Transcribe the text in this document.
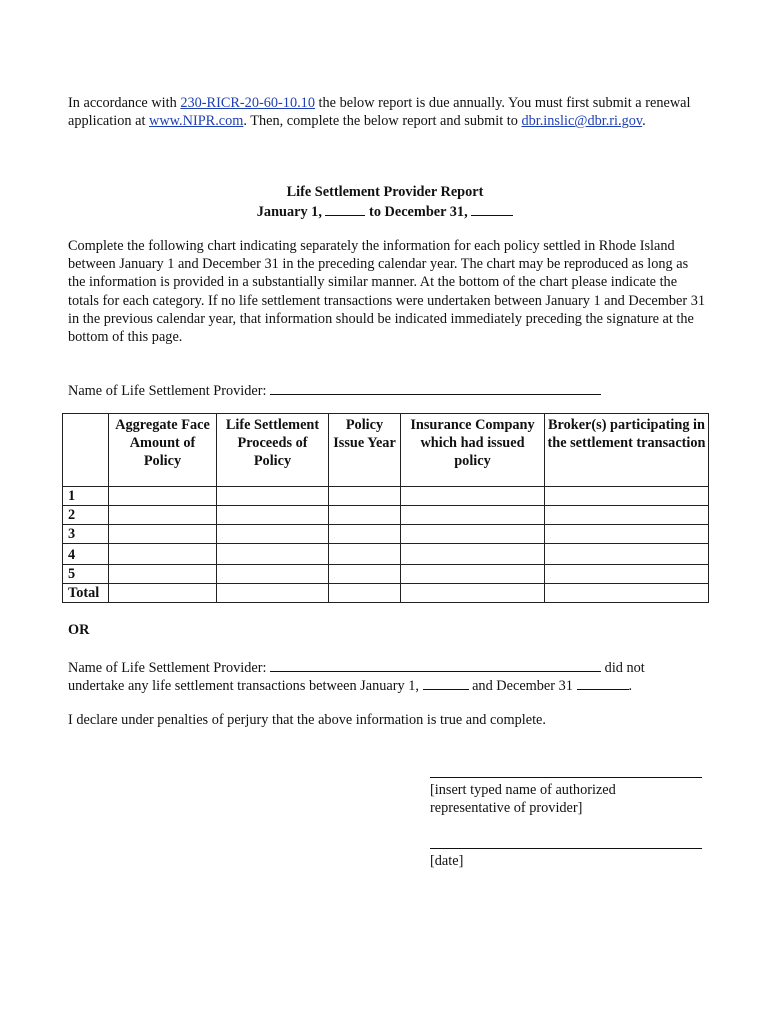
In accordance with 230-RICR-20-60-10.10 the below report is due annually. You must first submit a renewal application at www.NIPR.com. Then, complete the below report and submit to dbr.inslic@dbr.ri.gov.

Life Settlement Provider Report
January 1,	to December 31,

Complete the following chart indicating separately the information for each policy settled in Rhode Island between January 1 and December 31 in the preceding calendar year. The chart may be reproduced as long as the information is provided in a substantially similar manner. At the bottom of the chart please indicate the totals for each category. If no life settlement transactions were undertaken between January 1 and December 31 in the previous calendar year, that information should be indicated immediately preceding the signature at the bottom of this page.

Name of Life Settlement Provider:
	Aggregate Face Amount of Policy	Life Settlement Proceeds of Policy	Policy Issue Year	Insurance Company which had issued policy	Broker(s) participating in the settlement transaction
1					
2					
3					
4					
5					
Total					
OR
Name of Life Settlement Provider:	did not
undertake any life settlement transactions between January 1,	and December 31	.
I declare under penalties of perjury that the above information is true and complete.
[insert typed name of authorized
representative of provider]
[date]
